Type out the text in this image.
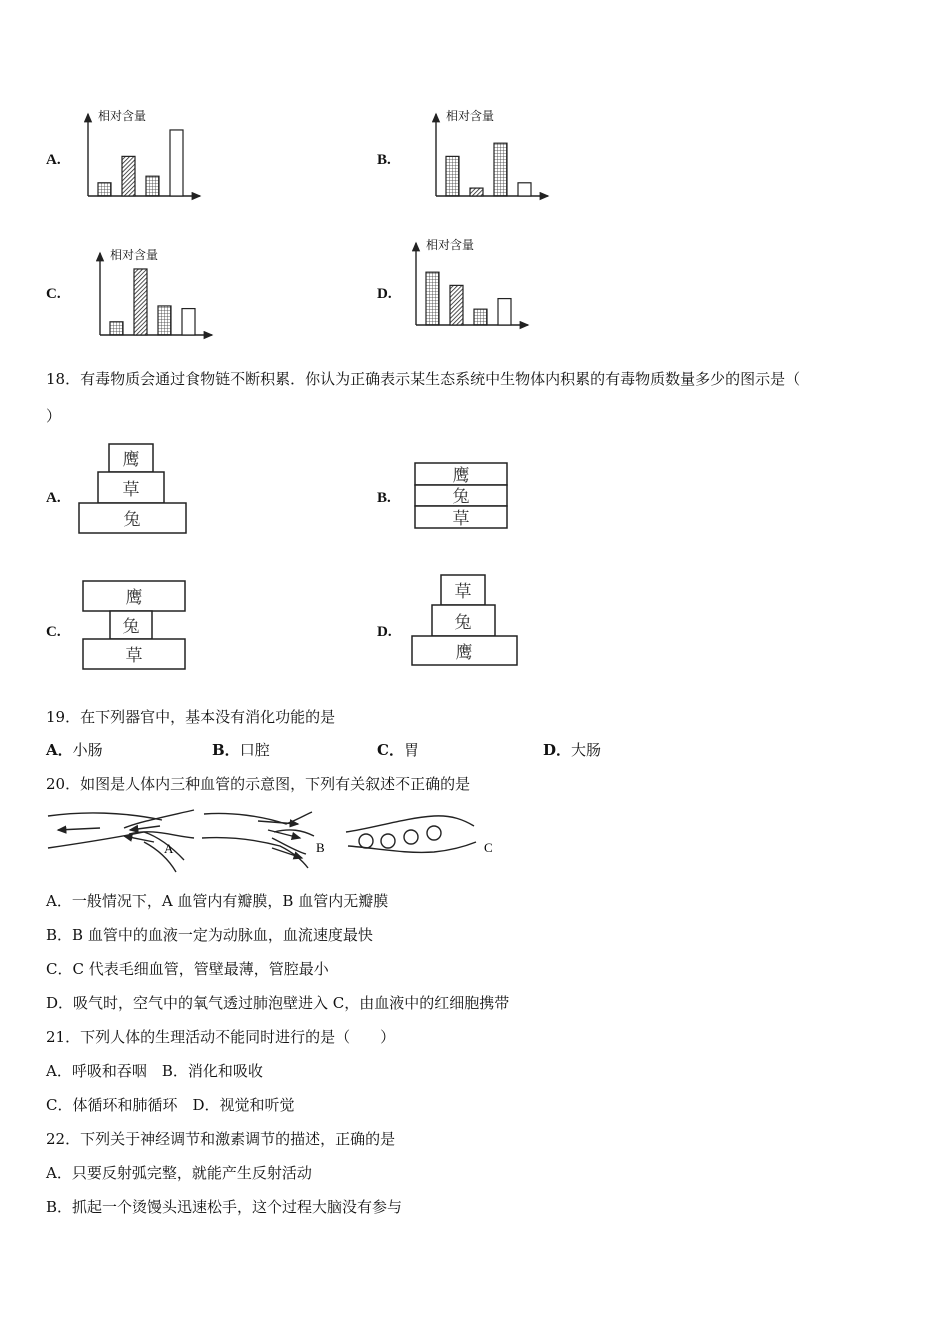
A.
相对含量
B.
相对含量
C.
相对含量
D.
相对含量
18．有毒物质会通过食物链不断积累．你认为正确表示某生态系统中生物体内积累的有毒物质数量多少的图示是（
）
A.
鹰
草
兔
B.
鹰
兔
草
C.
鹰
兔
草
D.
草
兔
鹰
19．在下列器官中，基本没有消化功能的是
A．小肠	B．口腔	C．胃	D．大肠
20．如图是人体内三种血管的示意图，下列有关叙述不正确的是
A	B	C
A．一般情况下，A 血管内有瓣膜，B 血管内无瓣膜
B．B 血管中的血液一定为动脉血，血流速度最快
C．C 代表毛细血管，管壁最薄，管腔最小
D．吸气时，空气中的氧气透过肺泡壁进入 C，由血液中的红细胞携带
21．下列人体的生理活动不能同时进行的是（　　）
A．呼吸和吞咽　B．消化和吸收
C．体循环和肺循环　D．视觉和听觉
22．下列关于神经调节和激素调节的描述，正确的是
A．只要反射弧完整，就能产生反射活动
B．抓起一个烫馒头迅速松手，这个过程大脑没有参与
